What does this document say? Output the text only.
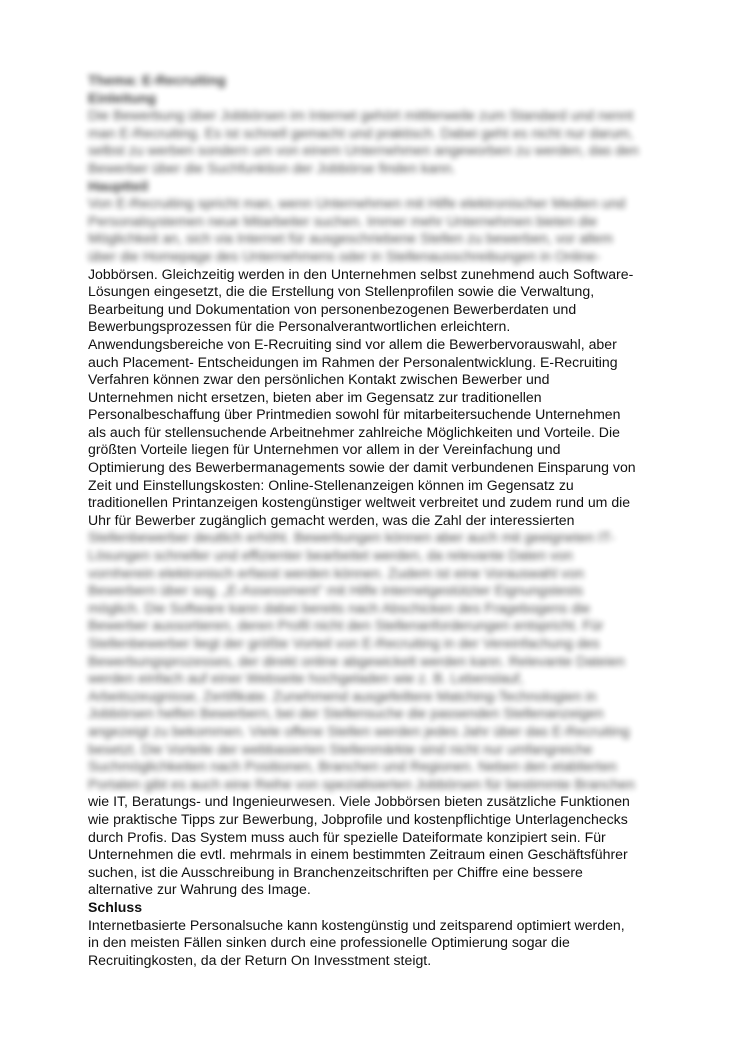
Thema: E-Recruiting
Einleitung
Die Bewerbung über Jobbörsen im Internet gehört mittlerweile zum Standard und nennt
man E-Recruiting. Es ist schnell gemacht und praktisch. Dabei geht es nicht nur darum,
selbst zu werben sondern um von einem Unternehmen angeworben zu werden, das den
Bewerber über die Suchfunktion der Jobbörse finden kann.
Hauptteil
Von E-Recruiting spricht man, wenn Unternehmen mit Hilfe elektronischer Medien und
Personalsystemen neue Mitarbeiter suchen. Immer mehr Unternehmen bieten die
Möglichkeit an, sich via Internet für ausgeschriebene Stellen zu bewerben, vor allem
über die Homepage des Unternehmens oder in Stellenausschreibungen in Online-
Jobbörsen. Gleichzeitig werden in den Unternehmen selbst zunehmend auch Software-
Lösungen eingesetzt, die die Erstellung von Stellenprofilen sowie die Verwaltung,
Bearbeitung und Dokumentation von personenbezogenen Bewerberdaten und
Bewerbungsprozessen für die Personalverantwortlichen erleichtern.
Anwendungsbereiche von E-Recruiting sind vor allem die Bewerbervorauswahl, aber
auch Placement- Entscheidungen im Rahmen der Personalentwicklung. E-Recruiting
Verfahren können zwar den persönlichen Kontakt zwischen Bewerber und
Unternehmen nicht ersetzen, bieten aber im Gegensatz zur traditionellen
Personalbeschaffung über Printmedien sowohl für mitarbeitersuchende Unternehmen
als auch für stellensuchende Arbeitnehmer zahlreiche Möglichkeiten und Vorteile. Die
größten Vorteile liegen für Unternehmen vor allem in der Vereinfachung und
Optimierung des Bewerbermanagements sowie der damit verbundenen Einsparung von
Zeit und Einstellungskosten: Online-Stellenanzeigen können im Gegensatz zu
traditionellen Printanzeigen kostengünstiger weltweit verbreitet und zudem rund um die
Uhr für Bewerber zugänglich gemacht werden, was die Zahl der interessierten
Stellenbewerber deutlich erhöht. Bewerbungen können aber auch mit geeigneten IT-
Lösungen schneller und effizienter bearbeitet werden, da relevante Daten von
vornherein elektronisch erfasst werden können. Zudem ist eine Vorauswahl von
Bewerbern über sog. „E-Assessment“ mit Hilfe internetgestützter Eignungstests
möglich. Die Software kann dabei bereits nach Abschicken des Fragebogens die
Bewerber aussortieren, deren Profil nicht den Stellenanforderungen entspricht. Für
Stellenbewerber liegt der größte Vorteil von E-Recruiting in der Vereinfachung des
Bewerbungsprozesses, der direkt online abgewickelt werden kann. Relevante Dateien
werden einfach auf einer Webseite hochgeladen wie z. B. Lebenslauf,
Arbeitszeugnisse, Zertifikate. Zunehmend ausgefeiltere Matching-Technologien in
Jobbörsen helfen Bewerbern, bei der Stellensuche die passenden Stellenanzeigen
angezeigt zu bekommen. Viele offene Stellen werden jedes Jahr über das E-Recruiting
besetzt. Die Vorteile der webbasierten Stellenmärkte sind nicht nur umfangreiche
Suchmöglichkeiten nach Positionen, Branchen und Regionen. Neben den etablierten
Portalen gibt es auch eine Reihe von spezialisierten Jobbörsen für bestimmte Branchen
wie IT, Beratungs- und Ingenieurwesen. Viele Jobbörsen bieten zusätzliche Funktionen
wie praktische Tipps zur Bewerbung, Jobprofile und kostenpflichtige Unterlagenchecks
durch Profis. Das System muss auch für spezielle Dateiformate konzipiert sein. Für
Unternehmen die evtl. mehrmals in einem bestimmten Zeitraum einen Geschäftsführer
suchen, ist die Ausschreibung in Branchenzeitschriften per Chiffre eine bessere
alternative zur Wahrung des Image.
Schluss
Internetbasierte Personalsuche kann kostengünstig und zeitsparend optimiert werden,
in den meisten Fällen sinken durch eine professionelle Optimierung sogar die
Recruitingkosten, da der Return On Invesstment steigt.
